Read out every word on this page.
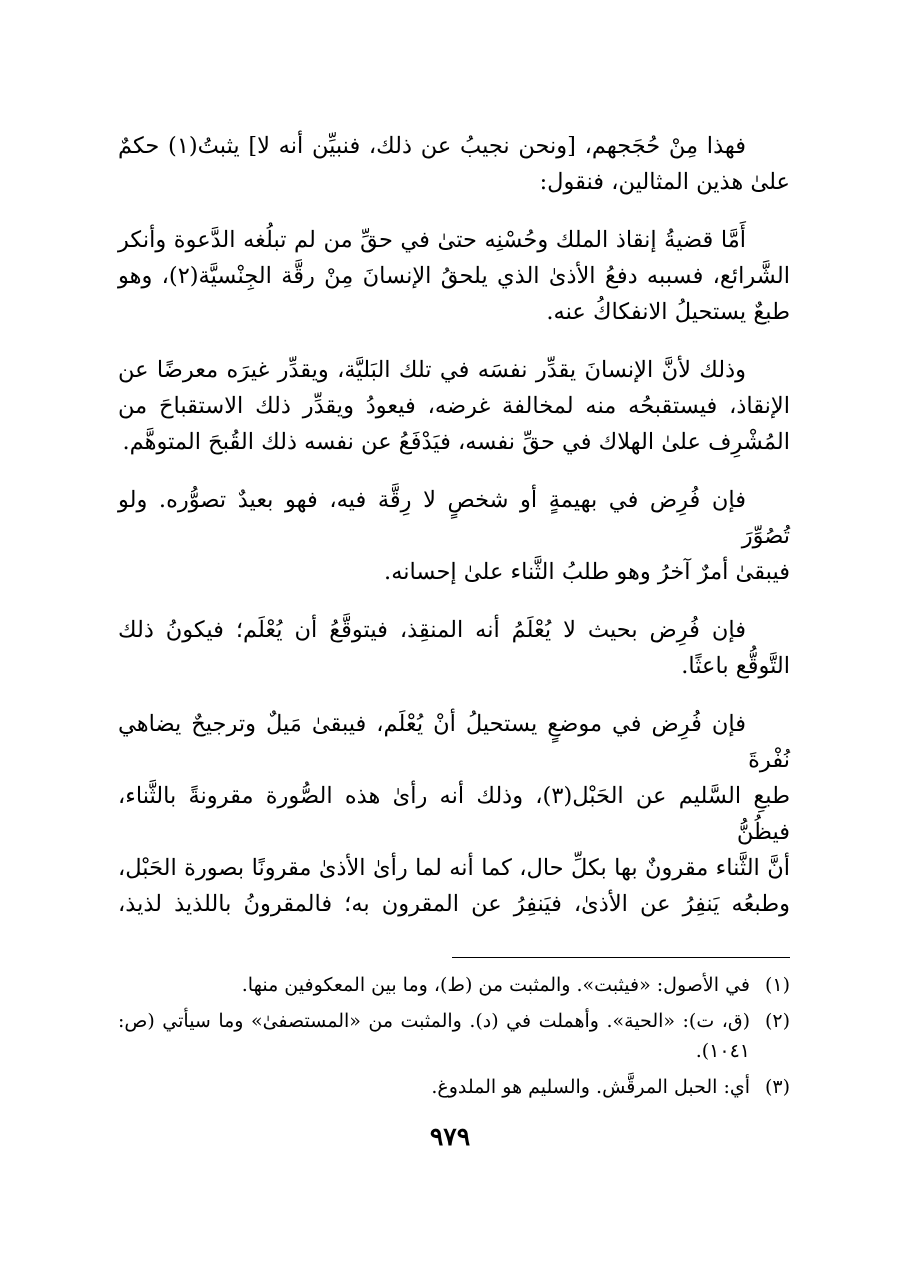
فهذا مِنْ حُجَجهم، [ونحن نجيبُ عن ذلك، فنبيِّن أنه لا] يثبتُ(١) حكمٌ
علىٰ هذين المثالين، فنقول:
أَمَّا قضيةُ إنقاذ الملك وحُسْنِه حتىٰ في حقِّ من لم تبلُغه الدَّعوة وأنكر
الشَّرائع، فسببه دفعُ الأذىٰ الذي يلحقُ الإنسانَ مِنْ رقَّة الجِنْسيَّة(٢)، وهو
طبعٌ يستحيلُ الانفكاكُ عنه.
وذلك لأنَّ الإنسانَ يقدِّر نفسَه في تلك البَليَّة، ويقدِّر غيرَه معرضًا عن
الإنقاذ، فيستقبحُه منه لمخالفة غرضه، فيعودُ ويقدِّر ذلك الاستقباحَ من
المُشْرِف علىٰ الهلاك في حقِّ نفسه، فيَدْفَعُ عن نفسه ذلك القُبحَ المتوهَّم.
فإن فُرِض في بهيمةٍ أو شخصٍ لا رِقَّة فيه، فهو بعيدٌ تصوُّره. ولو تُصُوِّرَ
فيبقىٰ أمرٌ آخرُ وهو طلبُ الثَّناء علىٰ إحسانه.
فإن فُرِض بحيث لا يُعْلَمُ أنه المنقِذ، فيتوقَّعُ أن يُعْلَم؛ فيكونُ ذلك
التَّوقُّع باعثًا.
فإن فُرِض في موضعٍ يستحيلُ أنْ يُعْلَم، فيبقىٰ مَيلٌ وترجيحٌ يضاهي نُفْرةَ
طبعِ السَّليم عن الحَبْل(٣)، وذلك أنه رأىٰ هذه الصُّورة مقرونةً بالثَّناء، فيظُنُّ
أنَّ الثَّناء مقرونٌ بها بكلِّ حال، كما أنه لما رأىٰ الأذىٰ مقرونًا بصورة الحَبْل،
وطبعُه يَنفِرُ عن الأذىٰ، فيَنفِرُ عن المقرون به؛ فالمقرونُ باللذيذ لذيذ،
(١)
في الأصول: «فيثبت». والمثبت من (ط)، وما بين المعكوفين منها.
(٢)
(ق، ت): «الحية». وأهملت في (د). والمثبت من «المستصفىٰ» وما سيأتي (ص: ١٠٤١).
(٣)
أي: الحبل المرقَّش. والسليم هو الملدوغ.
٩٧٩
